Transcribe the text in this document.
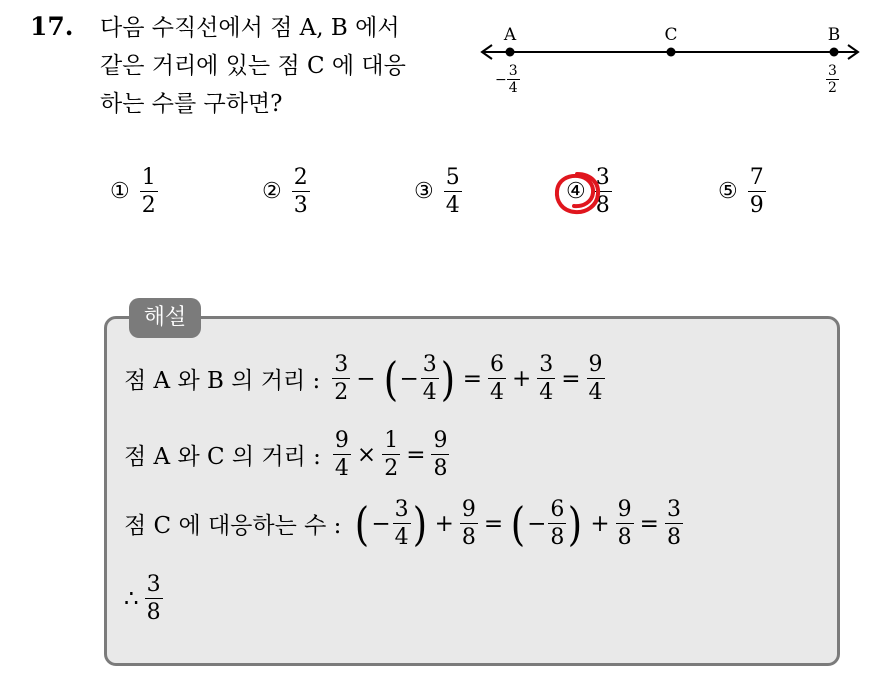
17. 다음 수직선에서 점 A, B 에서
같은 거리에 있는 점 C 에 대응
하는 수를 구하면?
A	C	B
− $\frac{3}{4}$	$\frac{3}{2}$
① $\frac{1}{2}$	② $\frac{2}{3}$	③ $\frac{5}{4}$	④ $\frac{3}{8}$	⑤ $\frac{7}{9}$
해설
점 A 와 B 의 거리 : $\frac{3}{2}$ − ( − $\frac{3}{4}$ ) = $\frac{6}{4} + \frac{3}{4} = \frac{9}{4}$
점 A 와 C 의 거리 : $\frac{9}{4} \times \frac{1}{2} = \frac{9}{8}$
점 C 에 대응하는 수 : ( − $\frac{3}{4}$ ) + $\frac{9}{8}$ = ( − $\frac{6}{8}$ ) + $\frac{9}{8} = \frac{3}{8}$
∴ $\frac{3}{8}$
